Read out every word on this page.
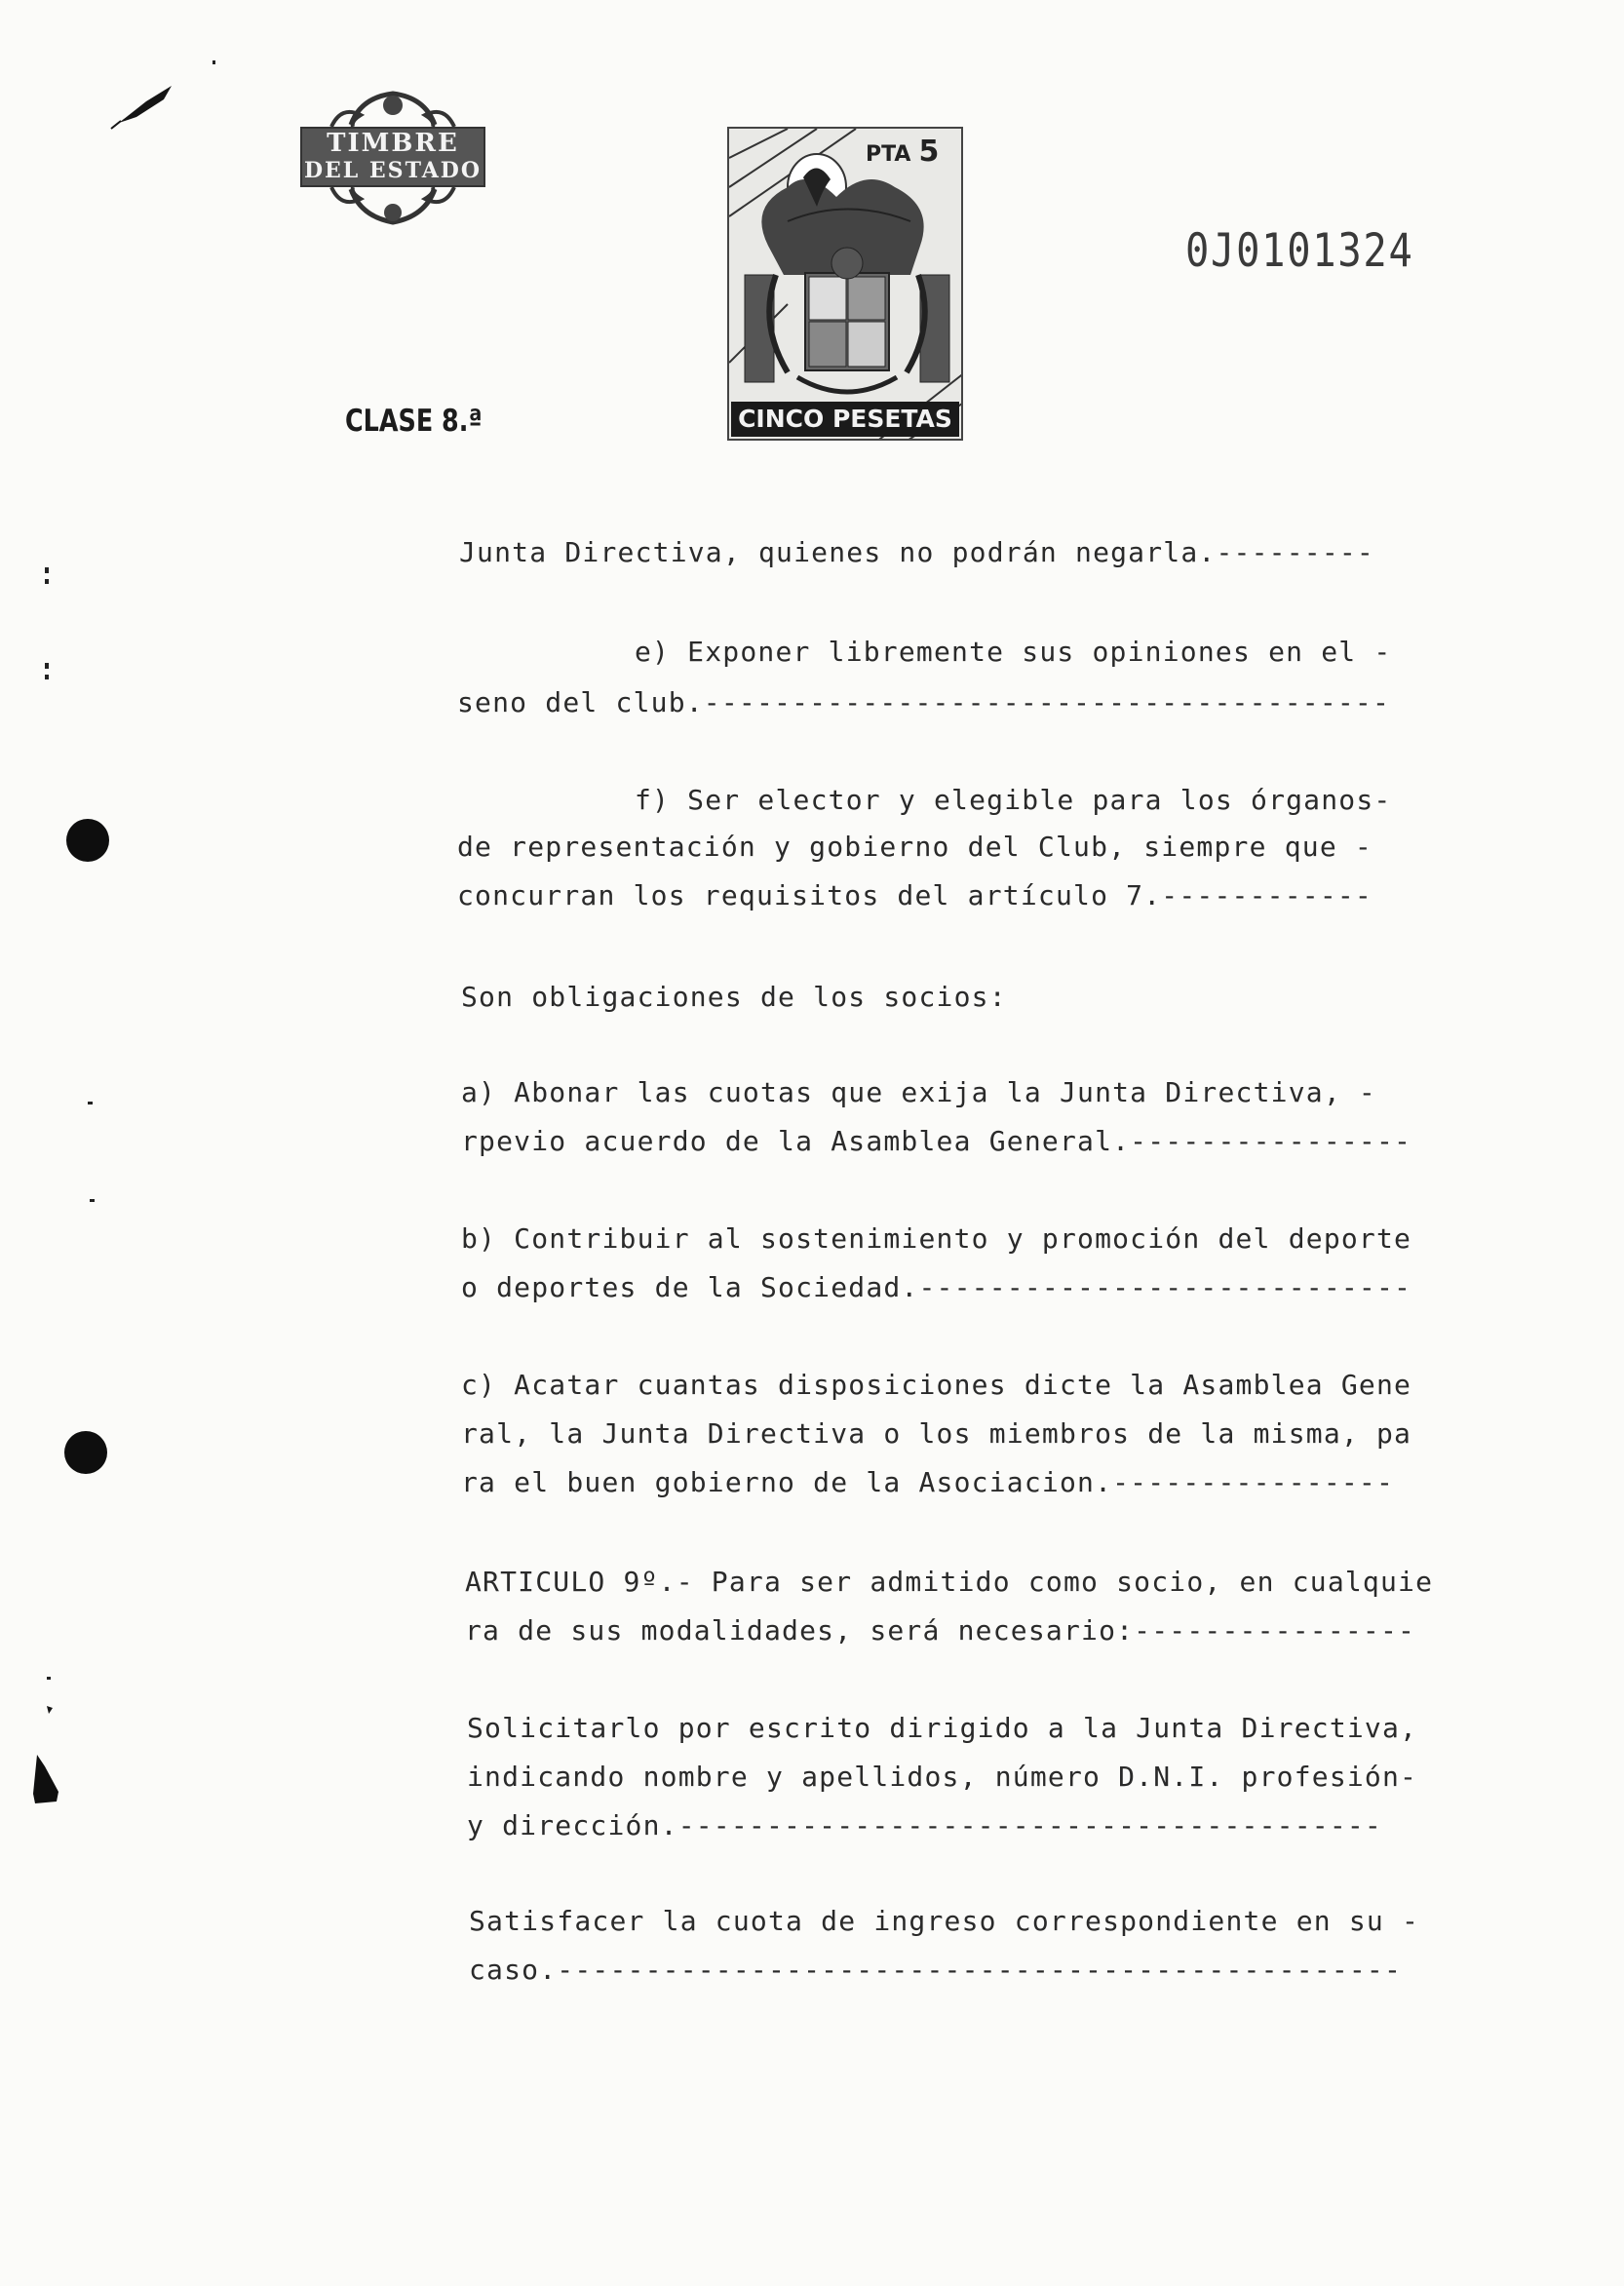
TIMBRE
DEL ESTADO
CLASE 8.ª
PTA 5
CINCO PESETAS
0J0101324
Junta Directiva, quienes no podrán negarla.---------
e) Exponer libremente sus opiniones en el -
seno del club.---------------------------------------
f) Ser elector y elegible para los órganos-
de representación y gobierno del Club, siempre que -
concurran los requisitos del artículo 7.------------
Son obligaciones de los socios:
a) Abonar las cuotas que exija la Junta Directiva, -
rpevio acuerdo de la Asamblea General.----------------
b) Contribuir al sostenimiento y promoción del deporte
o deportes de la Sociedad.----------------------------
c) Acatar cuantas disposiciones dicte la Asamblea Gene
ral, la Junta Directiva o los miembros de la misma, pa
ra el buen gobierno de la Asociacion.----------------
ARTICULO 9º.- Para ser admitido como socio, en cualquie
ra de sus modalidades, será necesario:----------------
Solicitarlo por escrito dirigido a la Junta Directiva,
indicando nombre y apellidos, número D.N.I. profesión-
y dirección.----------------------------------------
Satisfacer la cuota de ingreso correspondiente en su -
caso.------------------------------------------------
